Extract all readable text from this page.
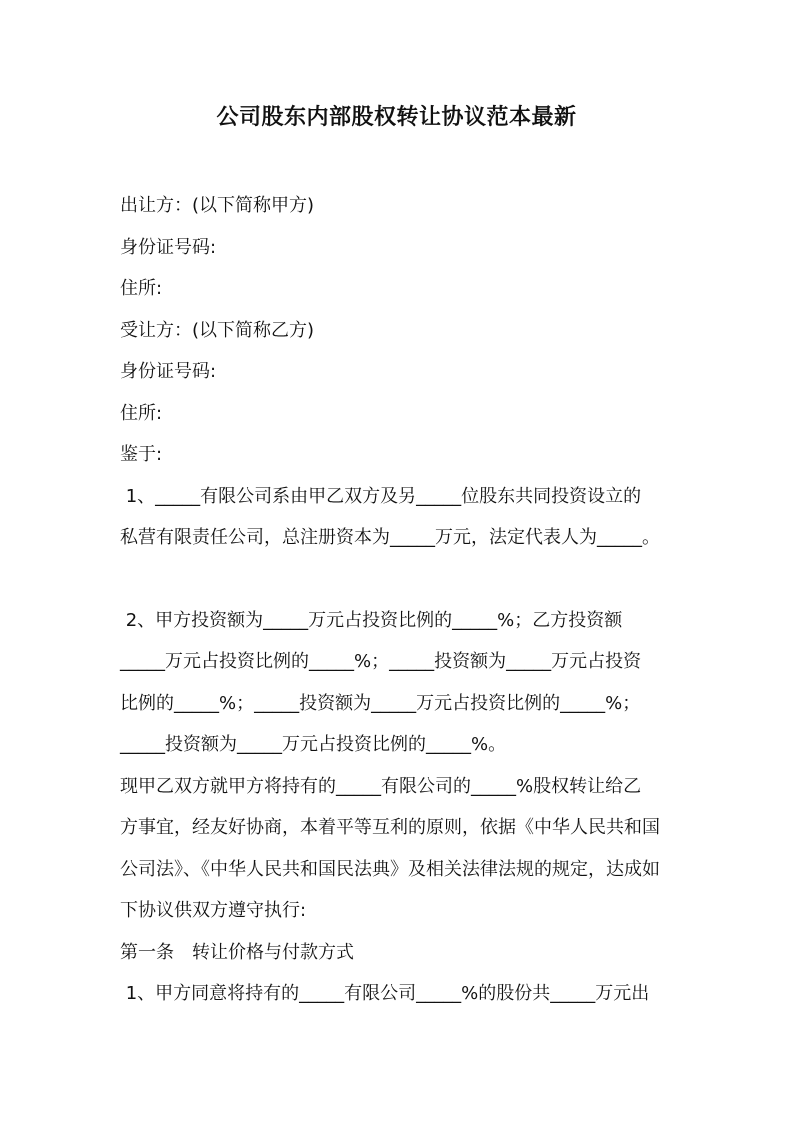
公司股东内部股权转让协议范本最新
出让方：(以下简称甲方)
身份证号码:
住所:
受让方：(以下简称乙方)
身份证号码:
住所:
鉴于:
1、_____有限公司系由甲乙双方及另_____位股东共同投资设立的
私营有限责任公司，总注册资本为_____万元，法定代表人为_____。
2、甲方投资额为_____万元占投资比例的_____%；乙方投资额
_____万元占投资比例的_____%；_____投资额为_____万元占投资
比例的_____%；_____投资额为_____万元占投资比例的_____%；
_____投资额为_____万元占投资比例的_____%。
现甲乙双方就甲方将持有的_____有限公司的_____%股权转让给乙
方事宜，经友好协商，本着平等互利的原则，依据《中华人民共和国
公司法》、《中华人民共和国民法典》及相关法律法规的规定，达成如
下协议供双方遵守执行:
第一条　转让价格与付款方式
1、甲方同意将持有的_____有限公司_____%的股份共_____万元出
